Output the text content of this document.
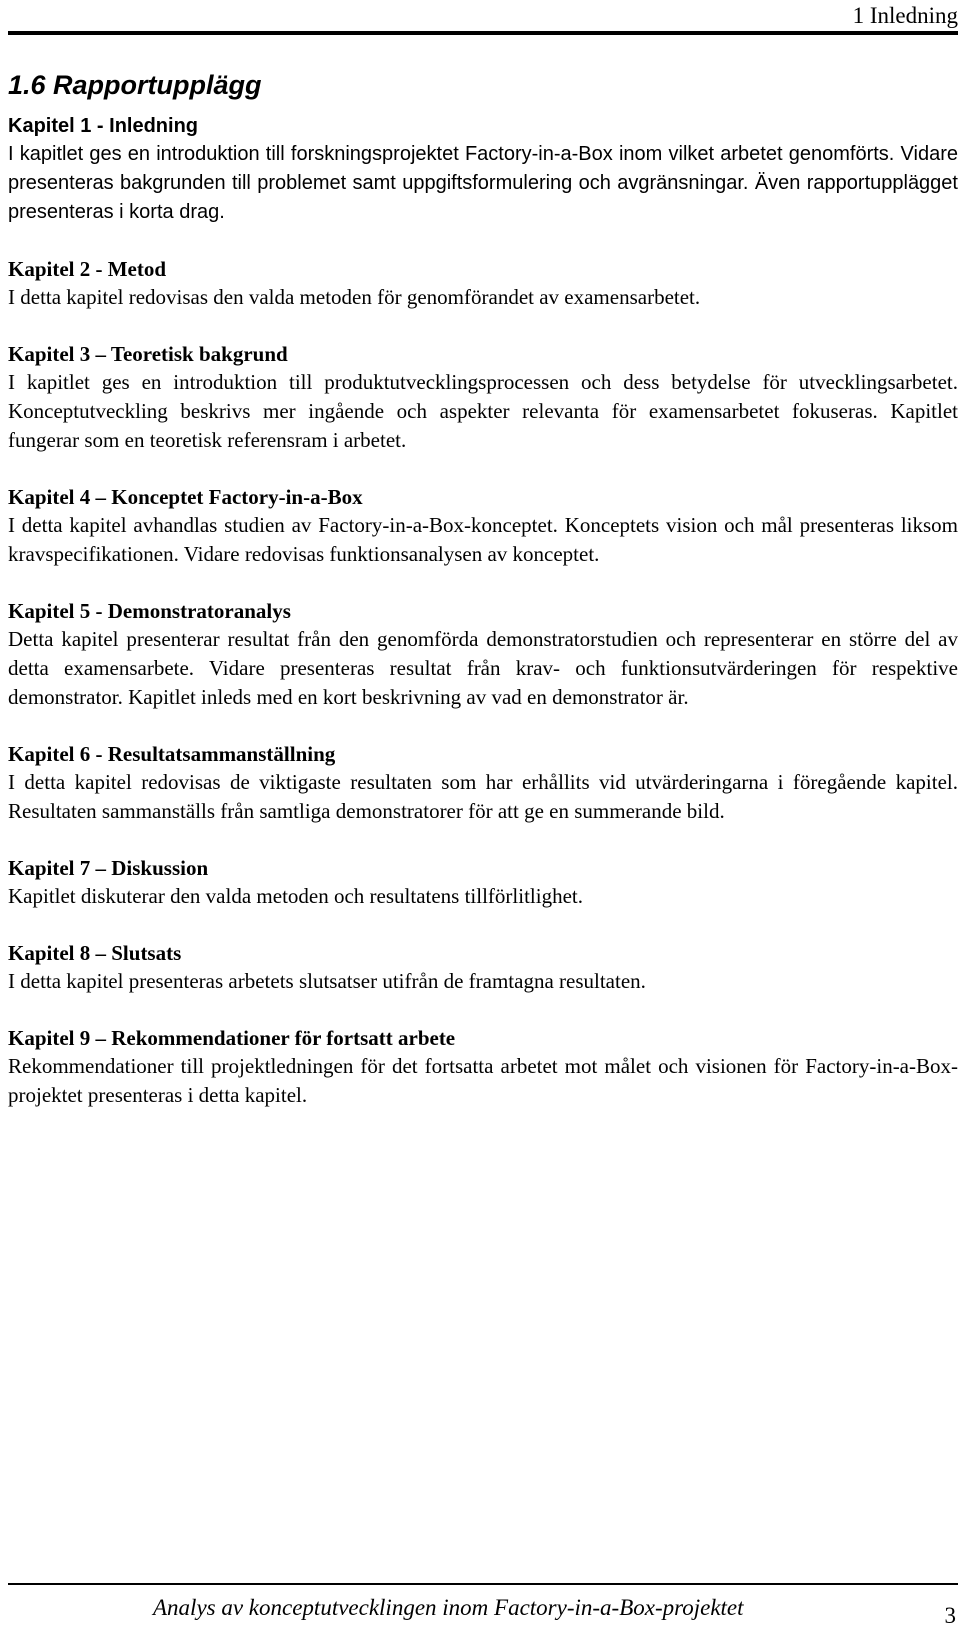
1 Inledning
1.6 Rapportupplägg

Kapitel 1 - Inledning

I kapitlet ges en introduktion till forskningsprojektet Factory-in-a-Box inom vilket arbetet genomförts. Vidare presenteras bakgrunden till problemet samt uppgiftsformulering och avgränsningar. Även rapportupplägget presenteras i korta drag.

Kapitel 2 - Metod

I detta kapitel redovisas den valda metoden för genomförandet av examensarbetet.

Kapitel 3 – Teoretisk bakgrund

I kapitlet ges en introduktion till produktutvecklingsprocessen och dess betydelse för utvecklingsarbetet. Konceptutveckling beskrivs mer ingående och aspekter relevanta för examensarbetet fokuseras. Kapitlet fungerar som en teoretisk referensram i arbetet.

Kapitel 4 – Konceptet Factory-in-a-Box

I detta kapitel avhandlas studien av Factory-in-a-Box-konceptet. Konceptets vision och mål presenteras liksom kravspecifikationen. Vidare redovisas funktionsanalysen av konceptet.

Kapitel 5 - Demonstratoranalys

Detta kapitel presenterar resultat från den genomförda demonstratorstudien och representerar en större del av detta examensarbete. Vidare presenteras resultat från krav- och funktionsutvärderingen för respektive demonstrator. Kapitlet inleds med en kort beskrivning av vad en demonstrator är.

Kapitel 6 - Resultatsammanställning

I detta kapitel redovisas de viktigaste resultaten som har erhållits vid utvärderingarna i föregående kapitel. Resultaten sammanställs från samtliga demonstratorer för att ge en summerande bild.

Kapitel 7 – Diskussion

Kapitlet diskuterar den valda metoden och resultatens tillförlitlighet.

Kapitel 8 – Slutsats

I detta kapitel presenteras arbetets slutsatser utifrån de framtagna resultaten.

Kapitel 9 – Rekommendationer för fortsatt arbete

Rekommendationer till projektledningen för det fortsatta arbetet mot målet och visionen för Factory-in-a-Box-projektet presenteras i detta kapitel.

Analys av konceptutvecklingen inom Factory-in-a-Box-projektet	3
